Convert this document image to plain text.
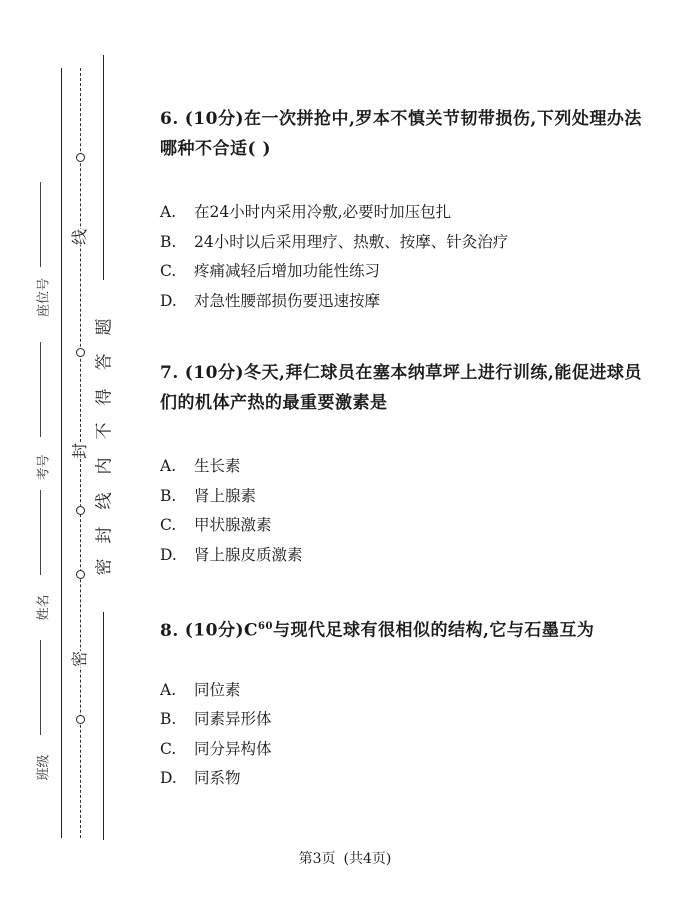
线
封
密
密
封
线
内
不
得
答
题
座位号
考号
姓名
班级
6. (10分)在一次拼抢中,罗本不慎关节韧带损伤,下列处理办法哪种不合适( )
A. 在24小时内采用冷敷,必要时加压包扎
B. 24小时以后采用理疗、热敷、按摩、针灸治疗
C. 疼痛减轻后增加功能性练习
D. 对急性腰部损伤要迅速按摩
7. (10分)冬天,拜仁球员在塞本纳草坪上进行训练,能促进球员们的机体产热的最重要激素是
A. 生长素
B. 肾上腺素
C. 甲状腺激素
D. 肾上腺皮质激素
8. (10分)$C^{60}$与现代足球有很相似的结构,它与石墨互为
A. 同位素
B. 同素异形体
C. 同分异构体
D. 同系物
第3页 (共4页)
